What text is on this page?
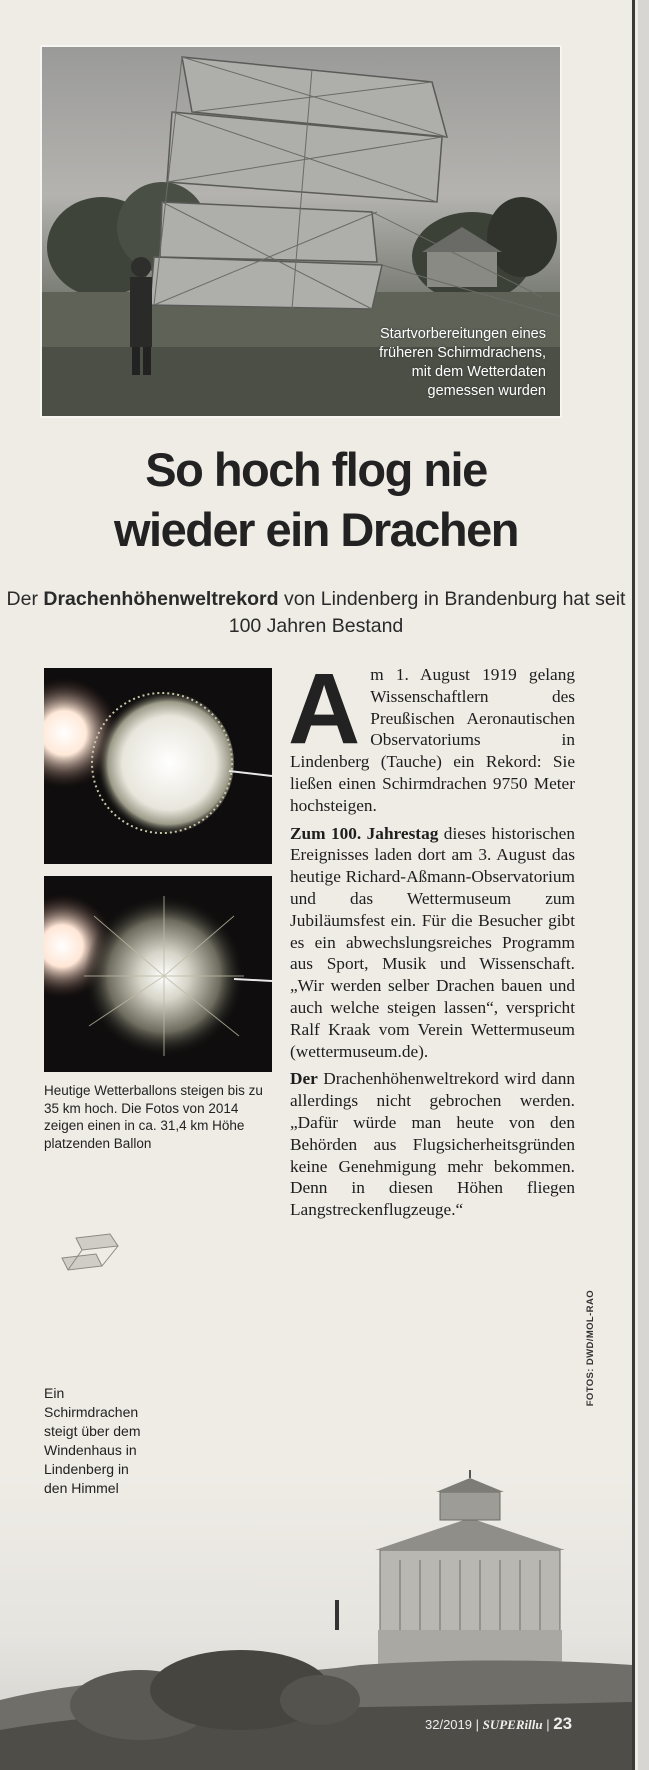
Startvorbereitungen eines
früheren Schirmdrachens,
mit dem Wetterdaten
gemessen wurden
So hoch flog nie
wieder ein Drachen
Der Drachenhöhenweltrekord von Lindenberg in Brandenburg hat seit 100 Jahren Bestand
Heutige Wetterballons steigen bis zu 35 km hoch. Die Fotos von 2014 zeigen einen in ca. 31,4 km Höhe platzenden Ballon

Am 1. August 1919 gelang Wissenschaftlern des Preußischen Aeronautischen Observatoriums in Lindenberg (Tauche) ein Rekord: Sie ließen einen Schirmdrachen 9750 Meter hochsteigen.

Zum 100. Jahrestag dieses historischen Ereignisses laden dort am 3. August das heutige Richard-Aßmann-Observatorium und das Wettermuseum zum Jubiläumsfest ein. Für die Besucher gibt es ein abwechslungsreiches Programm aus Sport, Musik und Wissenschaft. „Wir werden selber Drachen bauen und auch welche steigen lassen“, verspricht Ralf Kraak vom Verein Wettermuseum (wettermuseum.de).

Der Drachenhöhenweltrekord wird dann allerdings nicht gebrochen werden. „Dafür würde man heute von den Behörden aus Flugsicherheitsgründen keine Genehmigung mehr bekommen. Denn in diesen Höhen fliegen Langstreckenflugzeuge.“

FOTOS: DWD/MOL-RAO
Ein Schirmdrachen steigt über dem Windenhaus in Lindenberg in den Himmel
32/2019 | SUPERillu | 23
